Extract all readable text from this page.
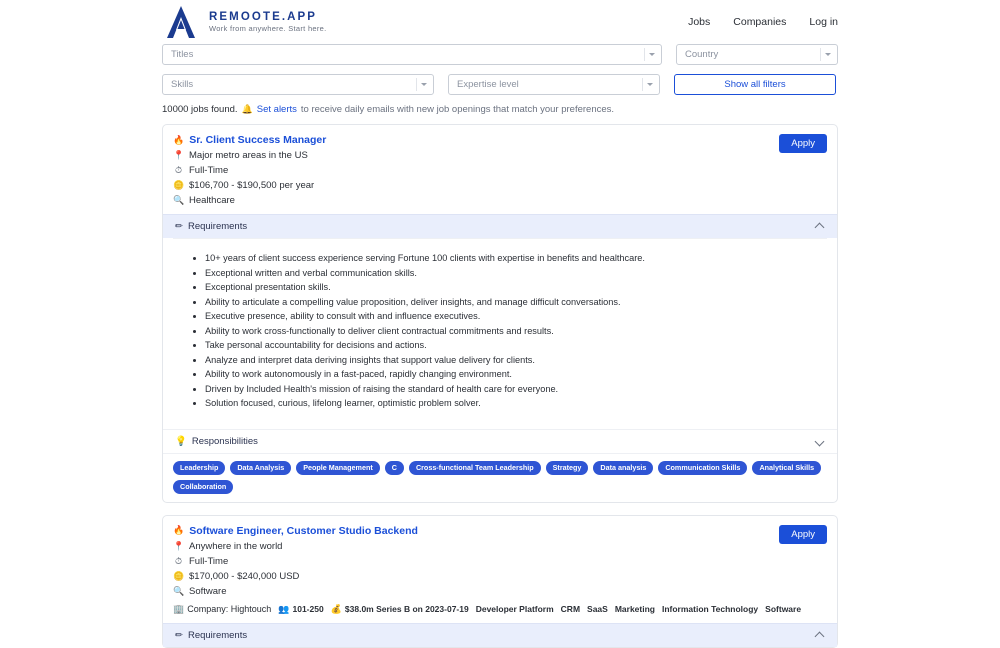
REMOOTE.APP
Work from anywhere. Start here.
Jobs Companies Log in
Titles	Country
Skills	Expertise level	Show all filters
10000 jobs found. 🔔 Set alerts to receive daily emails with new job openings that match your preferences.
Apply
🔥 Sr. Client Success Manager
📍 Major metro areas in the US
⏱ Full-Time
🪙 $106,700 - $190,500 per year
🔍 Healthcare
✏ Requirements
• 10+ years of client success experience serving Fortune 100 clients with expertise in benefits and healthcare.
• Exceptional written and verbal communication skills.
• Exceptional presentation skills.
• Ability to articulate a compelling value proposition, deliver insights, and manage difficult conversations.
• Executive presence, ability to consult with and influence executives.
• Ability to work cross-functionally to deliver client contractual commitments and results.
• Take personal accountability for decisions and actions.
• Analyze and interpret data deriving insights that support value delivery for clients.
• Ability to work autonomously in a fast-paced, rapidly changing environment.
• Driven by Included Health's mission of raising the standard of health care for everyone.
• Solution focused, curious, lifelong learner, optimistic problem solver.
💡 Responsibilities
Leadership	Data Analysis	People Management	C	Cross-functional Team Leadership	Strategy	Data analysis	Communication Skills	Analytical Skills
Collaboration
Apply
🔥 Software Engineer, Customer Studio Backend
📍 Anywhere in the world
⏱ Full-Time
🪙 $170,000 - $240,000 USD
🔍 Software
🏢 Company: Hightouch 👥 101-250 💰 $38.0m Series B on 2023-07-19 Developer Platform CRM SaaS Marketing Information Technology Software
✏ Requirements
